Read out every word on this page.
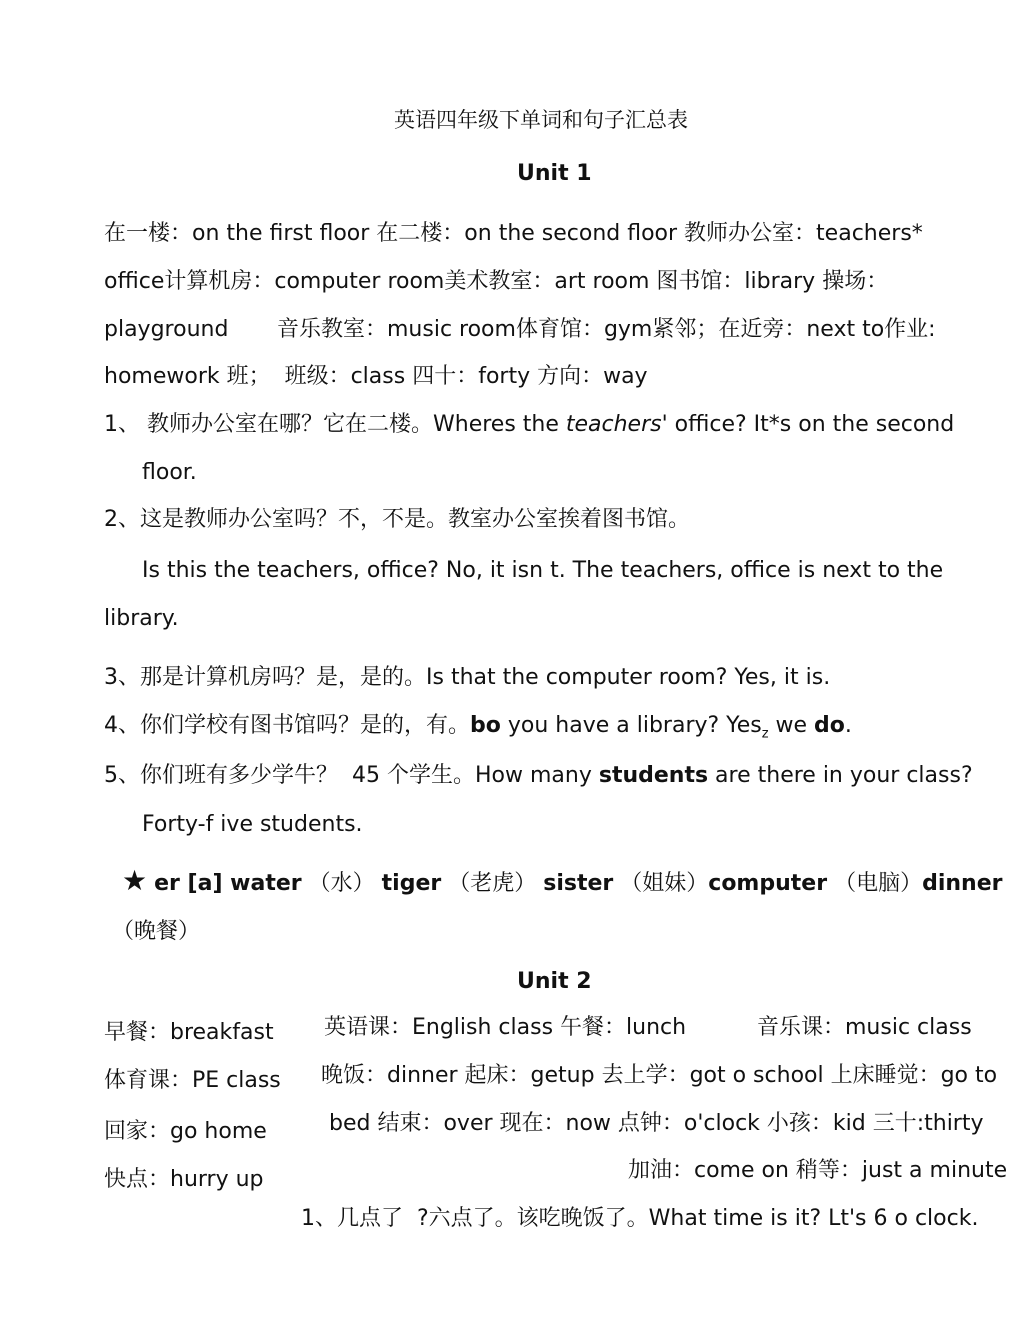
英语四年级下单词和句子汇总表
Unit 1
在一楼：on the first floor 在二楼：on the second floor 教师办公室：teachers*
office计算机房：computer room美术教室：art room 图书馆：library 操场：
playground 音乐教室：music room体育馆：gym紧邻；在近旁：next to作业:
homework 班；  班级：class 四十：forty 方向：way
1、 教师办公室在哪？它在二楼。Wheres the teachers' office? It*s on the second
floor.
2、这是教师办公室吗？不，不是。教室办公室挨着图书馆。
Is this the teachers, office? No, it isn t. The teachers, office is next to the
library.
3、那是计算机房吗？是，是的。Is that the computer room? Yes, it is.
4、你们学校有图书馆吗？是的，有。bo you have a library? Yes$_z$ we do.
5、你们班有多少学牛？  45 个学生。How many students are there in your class?
Forty-f ive students.
★ er [a] water （水） tiger （老虎） sister （姐妹）computer （电脑）dinner
（晚餐）
Unit 2
早餐：breakfast 英语课：English class 午餐：lunch	音乐课：music class
体育课：PE class 晚饭：dinner 起床：getup 去上学：got o school 上床睡觉：go to
回家：go home	bed 结束：over 现在：now 点钟：o'clock 小孩：kid 三十:thirty
快点：hurry up	加油：come on 稍等：just a minute
1、几点了  ?六点了。该吃晚饭了。What time is it? Lt's 6 o clock.
